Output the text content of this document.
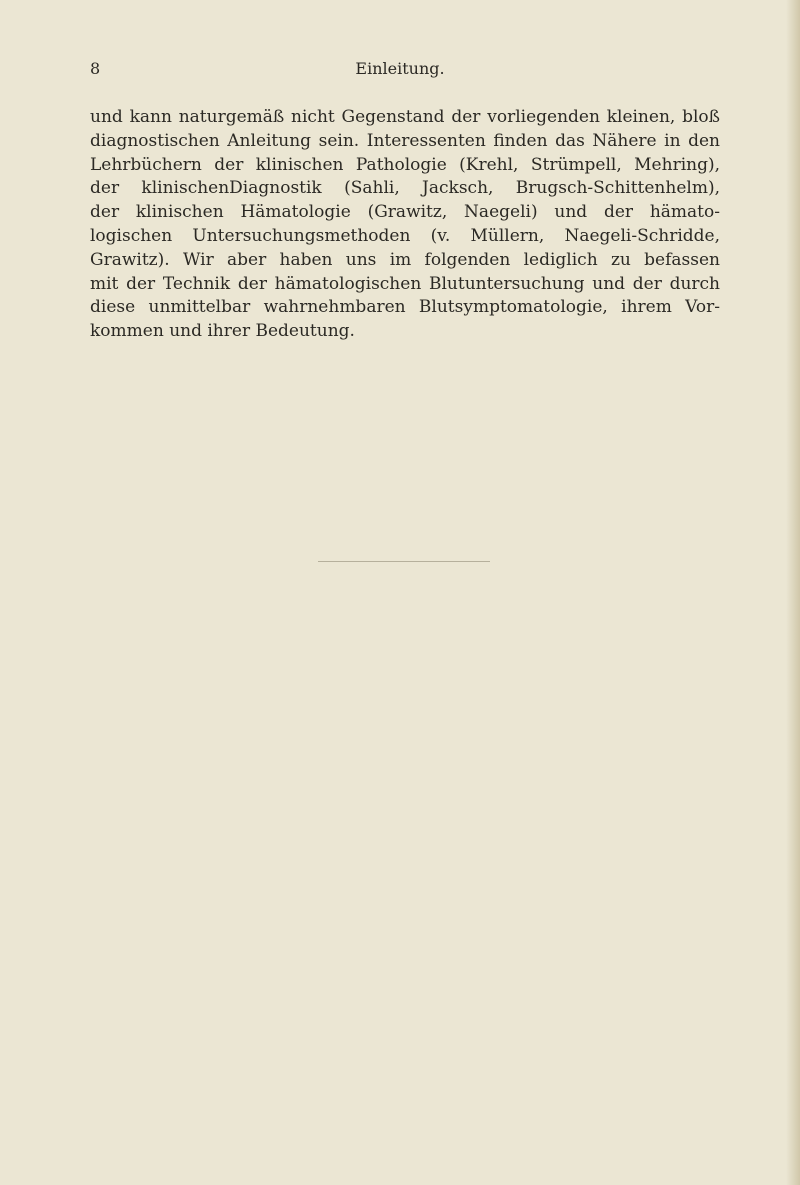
8	Einleitung.
und kann naturgemäß nicht Gegenstand der vorliegenden kleinen, bloß
diagnostischen Anleitung sein. Interessenten finden das Nähere in den
Lehrbüchern der klinischen Pathologie (Krehl, Strümpell, Mehring),
der klinischenDiagnostik (Sahli, Jacksch, Brugsch-Schittenhelm),
der klinischen Hämatologie (Grawitz, Naegeli) und der hämato-
logischen Untersuchungsmethoden (v. Müllern, Naegeli-Schridde,
Grawitz). Wir aber haben uns im folgenden lediglich zu befassen
mit der Technik der hämatologischen Blutuntersuchung und der durch
diese unmittelbar wahrnehmbaren Blutsymptomatologie, ihrem Vor-
kommen und ihrer Bedeutung.
